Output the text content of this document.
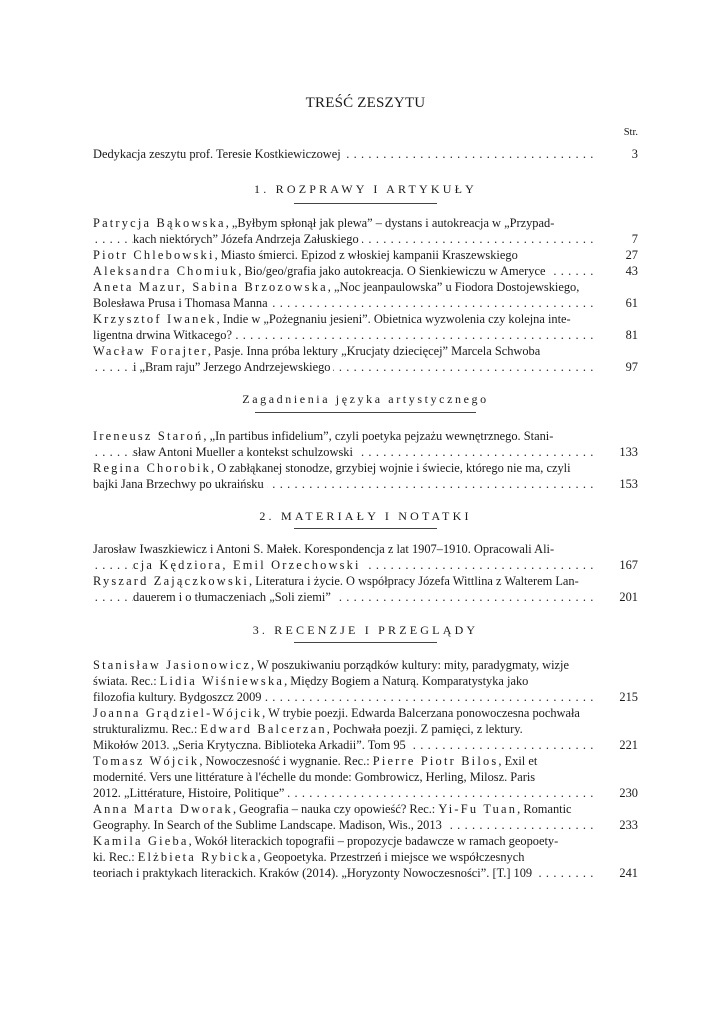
TREŚĆ ZESZYTU
Str.
. . .
Dedykacja zeszytu prof. Teresie Kostkiewiczowej	3
1. ROZPRAWY I ARTYKUŁY
Patrycja Bąkowska, „Byłbym spłonął jak plewa” – dystans i autokreacja w „Przypad-
. . .
kach niektórych” Józefa Andrzeja Załuskiego	7
Piotr Chlebowski, Miasto śmierci. Epizod z włoskiej kampanii Kraszewskiego	27
. . .
Aleksandra Chomiuk, Bio/geo/grafia jako autokreacja. O Sienkiewiczu w Ameryce	43
Aneta Mazur, Sabina Brzozowska, „Noc jeanpaulowska” u Fiodora Dostojewskiego,
. . .
Bolesława Prusa i Thomasa Manna	61
Krzysztof Iwanek, Indie w „Pożegnaniu jesieni”. Obietnica wyzwolenia czy kolejna inte-
. . .
ligentna drwina Witkacego?	81
Wacław Forajter, Pasje. Inna próba lektury „Krucjaty dziecięcej” Marcela Schwoba
. . .
i „Bram raju” Jerzego Andrzejewskiego	97
Zagadnienia języka artystycznego
Ireneusz Staroń, „In partibus infidelium”, czyli poetyka pejzażu wewnętrznego. Stani-
. . .
sław Antoni Mueller a kontekst schulzowski	133
Regina Chorobik, O zabłąkanej stonodze, grzybiej wojnie i świecie, którego nie ma, czyli
. . .
bajki Jana Brzechwy po ukraińsku	153
2. MATERIAŁY I NOTATKI
Jarosław Iwaszkiewicz i Antoni S. Małek. Korespondencja z lat 1907–1910. Opracowali Ali-
. . .
cja Kędziora, Emil Orzechowski	167
Ryszard Zajączkowski, Literatura i życie. O współpracy Józefa Wittlina z Walterem Lan-
. . .
dauerem i o tłumaczeniach „Soli ziemi”	201
3. RECENZJE I PRZEGLĄDY
Stanisław Jasionowicz, W poszukiwaniu porządków kultury: mity, paradygmaty, wizje
świata. Rec.: Lidia Wiśniewska, Między Bogiem a Naturą. Komparatystyka jako
. . .
filozofia kultury. Bydgoszcz 2009	215
Joanna Grądziel-Wójcik, W trybie poezji. Edwarda Balcerzana ponowoczesna pochwała
strukturalizmu. Rec.: Edward Balcerzan, Pochwała poezji. Z pamięci, z lektury.
. . .
Mikołów 2013. „Seria Krytyczna. Biblioteka Arkadii”. Tom 95	221
Tomasz Wójcik, Nowoczesność i wygnanie. Rec.: Pierre Piotr Bilos, Exil et
modernité. Vers une littérature à l'échelle du monde: Gombrowicz, Herling, Milosz. Paris
. . .
2012. „Littérature, Histoire, Politique”	230
Anna Marta Dworak, Geografia – nauka czy opowieść? Rec.: Yi-Fu Tuan, Romantic
. . .
Geography. In Search of the Sublime Landscape. Madison, Wis., 2013	233
Kamila Gieba, Wokół literackich topografii – propozycje badawcze w ramach geopoety-
ki. Rec.: Elżbieta Rybicka, Geopoetyka. Przestrzeń i miejsce we współczesnych
. . .
teoriach i praktykach literackich. Kraków (2014). „Horyzonty Nowoczesności”. [T.] 109	241
